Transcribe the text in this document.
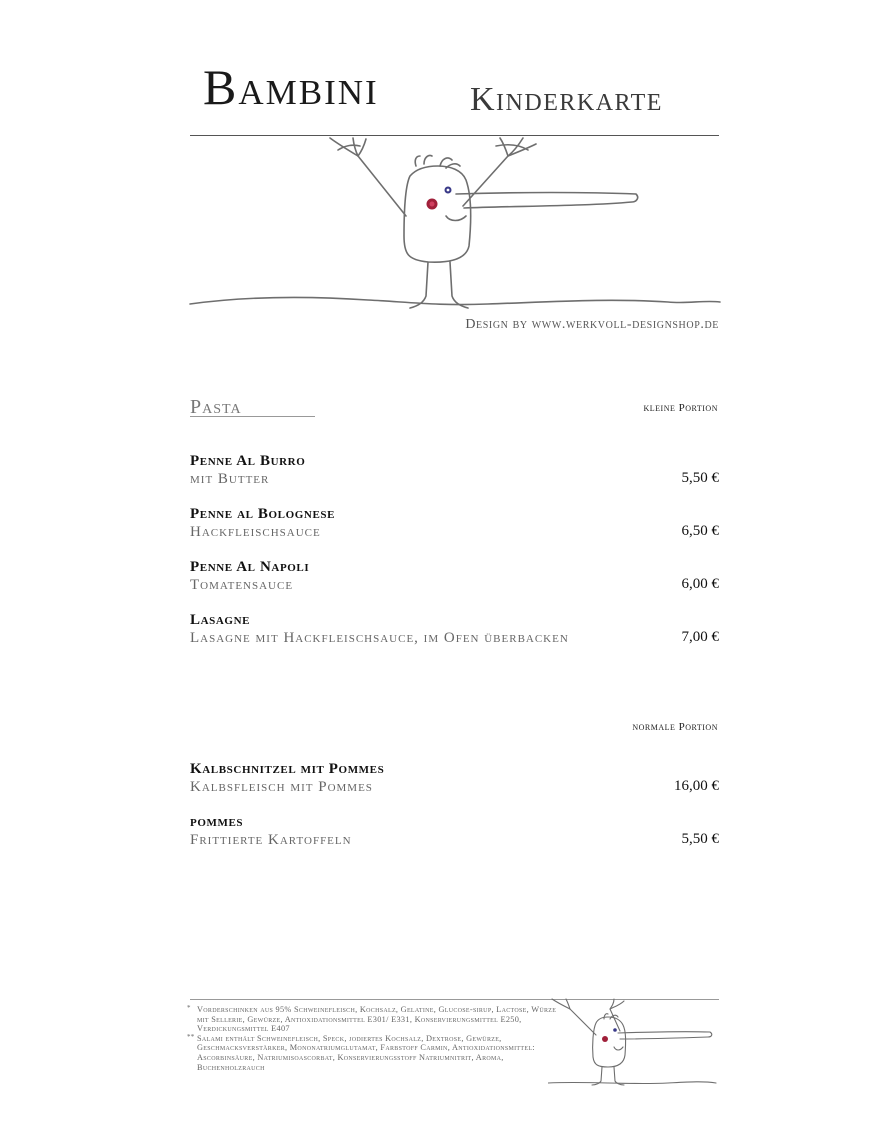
Bambini	Kinderkarte
Design by www.werkvoll-designshop.de
Pasta	kleine Portion
Penne Al Burro
mit Butter	5,50 €
Penne al Bolognese
Hackfleischsauce	6,50 €
Penne Al Napoli
Tomatensauce	6,00 €
Lasagne
Lasagne mit Hackfleischsauce, im Ofen überbacken	7,00 €
normale Portion
Kalbschnitzel mit Pommes
Kalbsfleisch mit Pommes	16,00 €
pommes
Frittierte Kartoffeln	5,50 €
* Vorderschinken aus 95% Schweinefleisch, Kochsalz, Gelatine, Glucose-sirup, Lactose, Würze mit Sellerie, Gewürze, Antioxidationsmittel E301/ E331, Konservierungsmittel E250, Verdickungsmittel E407
** Salami enthält Schweinefleisch, Speck, jodiertes Kochsalz, Dextrose, Gewürze, Geschmacksverstärker, Mononatriumglutamat, Farbstoff Carmin, Antioxidationsmittel: Ascorbinsäure, Natriumisoascorbat, Konservierungsstoff Natriumnitrit, Aroma, Buchenholzrauch
